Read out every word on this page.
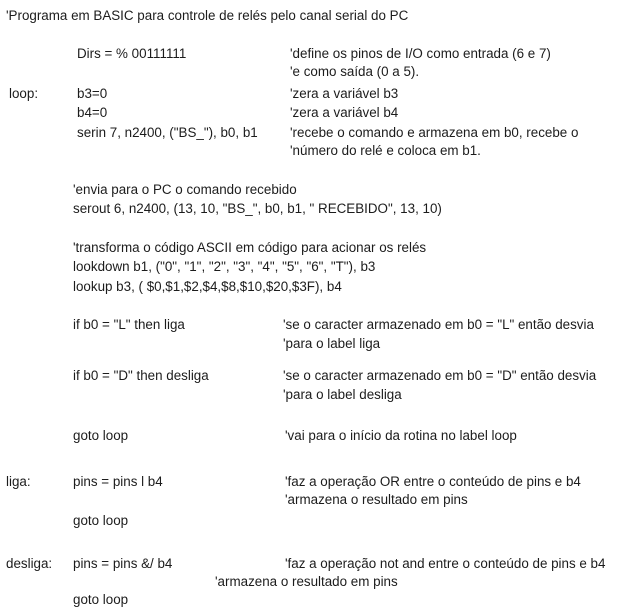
'Programa em BASIC para controle de relés pelo canal serial do PC
Dirs = % 00111111	'define os pinos de I/O como entrada (6 e 7)
'e como saída (0 a 5).
loop:	b3=0	'zera a variável b3
b4=0	'zera a variável b4
serin 7, n2400, ("BS_"), b0, b1 'recebe o comando e armazena em b0, recebe o
'número do relé e coloca em b1.
'envia para o PC o comando recebido
serout 6, n2400, (13, 10, "BS_", b0, b1, " RECEBIDO", 13, 10)
'transforma o código ASCII em código para acionar os relés
lookdown b1, ("0", "1", "2", "3", "4", "5", "6", "T"), b3
lookup b3, ( $0,$1,$2,$4,$8,$10,$20,$3F), b4
if b0 = "L" then liga	'se o caracter armazenado em b0 = "L" então desvia
'para o label liga
if b0 = "D" then desliga	'se o caracter armazenado em b0 = "D" então desvia
'para o label desliga
goto loop	'vai para o início da rotina no label loop
liga:	pins = pins l b4	'faz a operação OR entre o conteúdo de pins e b4
'armazena o resultado em pins
goto loop
desliga: pins = pins &/ b4	'faz a operação not and entre o conteúdo de pins e b4
'armazena o resultado em pins
goto loop
